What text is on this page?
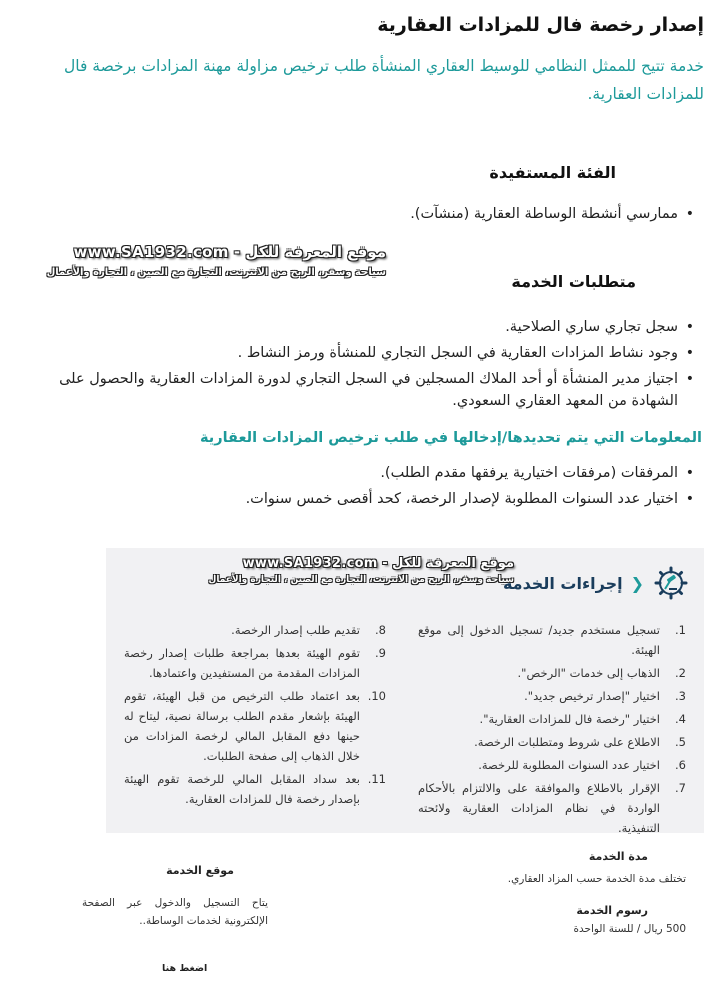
إصدار رخصة فال للمزادات العقارية
خدمة تتيح للممثل النظامي للوسيط العقاري المنشأة طلب ترخيص مزاولة مهنة المزادات برخصة فال للمزادات العقارية.
الفئة المستفيدة
• ممارسي أنشطة الوساطة العقارية (منشآت).
موقع المعرفة للكل - www.SA1932.com
سياحة وسفر، الربح من الانترنت، التجارة مع الصين ، التجارة والأعمال	متطلبات الخدمة
• سجل تجاري ساري الصلاحية.
• وجود نشاط المزادات العقارية في السجل التجاري للمنشأة ورمز النشاط .
• اجتياز مدير المنشأة أو أحد الملاك المسجلين في السجل التجاري لدورة المزادات العقارية والحصول على الشهادة من المعهد العقاري السعودي.
المعلومات التي يتم تحديدها/إدخالها في طلب ترخيص المزادات العقارية
• المرفقات (مرفقات اختيارية يرفقها مقدم الطلب).
• اختيار عدد السنوات المطلوبة لإصدار الرخصة، كحد أقصى خمس سنوات.
❮
إجراءات الخدمة
موقع المعرفة للكل - www.SA1932.com
سياحة وسفر، الربح من الانترنت، التجارة مع الصين ، التجارة والأعمال
1.
تسجيل مستخدم جديد/ تسجيل الدخول إلى موقع الهيئة.
2.
الذهاب إلى خدمات "الرخص".
3.
اختيار "إصدار ترخيص جديد".
4.
اختيار "رخصة فال للمزادات العقارية".
5.
الاطلاع على شروط ومتطلبات الرخصة.
6.
اختيار عدد السنوات المطلوبة للرخصة.
7.
الإقرار بالاطلاع والموافقة على والالتزام بالأحكام الواردة في نظام المزادات العقارية ولائحته التنفيذية.
8.
تقديم طلب إصدار الرخصة.
9.
تقوم الهيئة بعدها بمراجعة طلبات إصدار رخصة المزادات المقدمة من المستفيدين واعتمادها.
10.
بعد اعتماد طلب الترخيص من قبل الهيئة، تقوم الهيئة بإشعار مقدم الطلب برسالة نصية، ليتاح له حينها دفع المقابل المالي لرخصة المزادات من خلال الذهاب إلى صفحة الطلبات.
11.
بعد سداد المقابل المالي للرخصة تقوم الهيئة بإصدار رخصة فال للمزادات العقارية.
مدة الخدمة
تختلف مدة الخدمة حسب المزاد العقاري.
رسوم الخدمة
500 ريال / للسنة الواحدة
موقع الخدمة
يتاح التسجيل والدخول عبر الصفحة الإلكترونية لخدمات الوساطة..
اضغط هنا
